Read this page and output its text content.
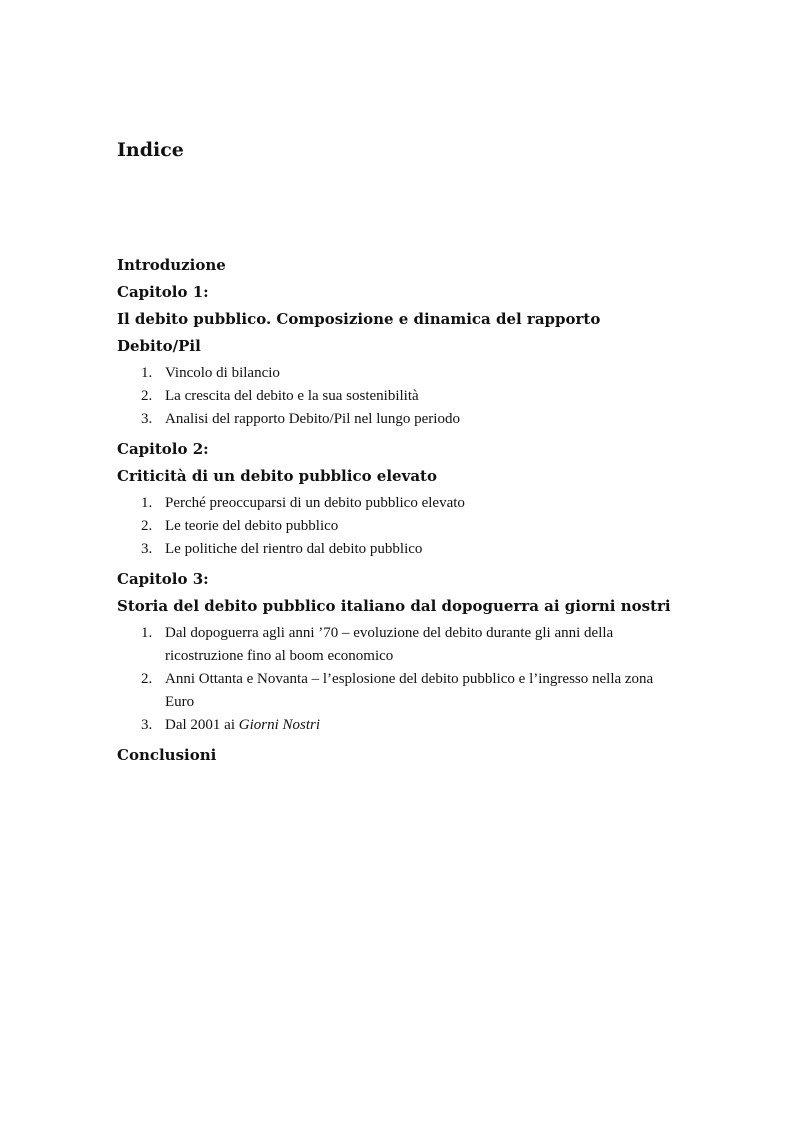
Indice

Introduzione

Capitolo 1:

Il debito pubblico. Composizione e dinamica del rapporto

Debito/Pil

1. Vincolo di bilancio
2. La crescita del debito e la sua sostenibilità
3. Analisi del rapporto Debito/Pil nel lungo periodo

Capitolo 2:

Criticità di un debito pubblico elevato

1. Perché preoccuparsi di un debito pubblico elevato
2. Le teorie del debito pubblico
3. Le politiche del rientro dal debito pubblico

Capitolo 3:

Storia del debito pubblico italiano dal dopoguerra ai giorni nostri

1. Dal dopoguerra agli anni ’70 – evoluzione del debito durante gli anni della ricostruzione fino al boom economico
2. Anni Ottanta e Novanta – l’esplosione del debito pubblico e l’ingresso nella zona Euro
3. Dal 2001 ai Giorni Nostri

Conclusioni
